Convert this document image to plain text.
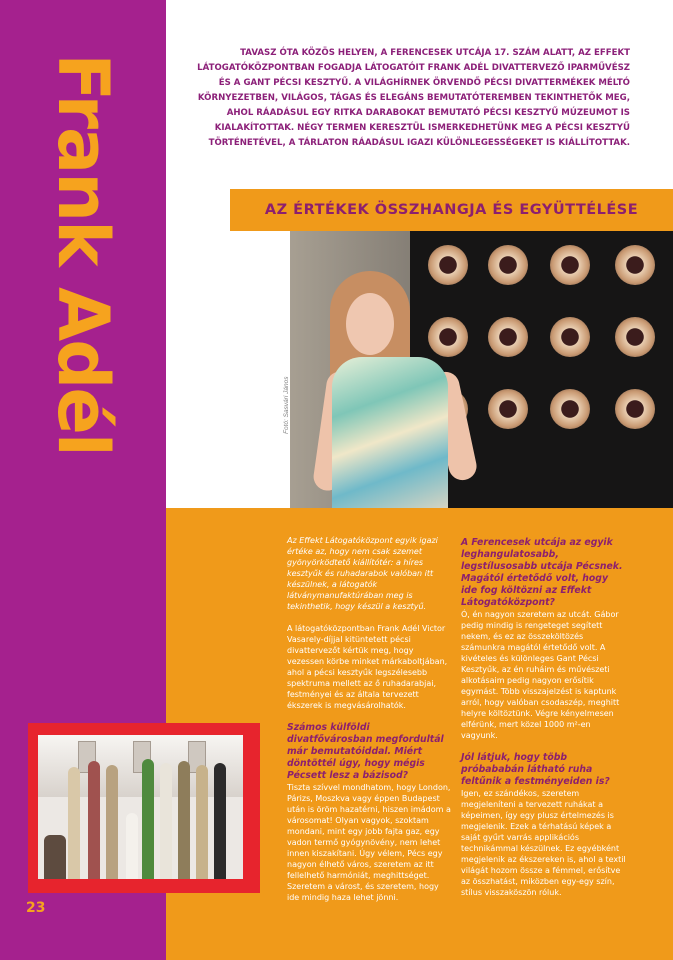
Frank Adél
TAVASZ ÓTA KÖZÖS HELYEN, A FERENCESEK UTCÁJA 17. SZÁM ALATT, AZ EFFEKT LÁTOGATÓKÖZPONTBAN FOGADJA LÁTOGATÓIT FRANK ADÉL DIVATTERVEZŐ IPARMŰVÉSZ ÉS A GANT PÉCSI KESZTYŰ. A VILÁGHÍRNEK ÖRVENDŐ PÉCSI DIVATTERMÉKEK MÉLTÓ KÖRNYEZETBEN, VILÁGOS, TÁGAS ÉS ELEGÁNS BEMUTATÓTEREMBEN TEKINTHETŐK MEG, AHOL RÁADÁSUL EGY RITKA DARABOKAT BEMUTATÓ PÉCSI KESZTYŰ MÚZEUMOT IS KIALAKÍTOTTAK. NÉGY TERMEN KERESZTÜL ISMERKEDHETÜNK MEG A PÉCSI KESZTYŰ TÖRTÉNETÉVEL, A TÁRLATON RÁADÁSUL IGAZI KÜLÖNLEGESSÉGEKET IS KIÁLLÍTOTTAK.
AZ ÉRTÉKEK ÖSSZHANGJA ÉS EGYÜTTÉLÉSE
Fotó: Sasvári János

Az Effekt Látogatóközpont egyik igazi értéke az, hogy nem csak szemet gyönyörködtető kiállítótér: a híres kesztyűk és ruhadarabok valóban itt készülnek, a látogatók látványmanufaktúrában meg is tekinthetik, hogy készül a kesztyű.

A látogatóközpontban Frank Adél Victor Vasarely-díjjal kitüntetett pécsi divattervezőt kértük meg, hogy vezessen körbe minket márkaboltjában, ahol a pécsi kesztyűk legszélesebb spektruma mellett az ő ruhadarabjai, festményei és az általa tervezett ékszerek is megvásárolhatók.

Számos külföldi divatfővárosban megfordultál már bemutatóiddal. Miért döntöttél úgy, hogy mégis Pécsett lesz a bázisod?

Tiszta szívvel mondhatom, hogy London, Párizs, Moszkva vagy éppen Budapest után is öröm hazatérni, hiszen imádom a városomat! Olyan vagyok, szoktam mondani, mint egy jobb fajta gaz, egy vadon termő gyógynövény, nem lehet innen kiszakítani. Úgy vélem, Pécs egy nagyon élhető város, szeretem az itt fellelhető harmóniát, meghittséget. Szeretem a várost, és szeretem, hogy ide mindig haza lehet jönni.

A Ferencesek utcája az egyik leghangulatosabb, legstílusosabb utcája Pécsnek. Magától értetődő volt, hogy ide fog költözni az Effekt Látogatóközpont?

Ó, én nagyon szeretem az utcát. Gábor pedig mindig is rengeteget segített nekem, és ez az összeköltözés számunkra magától értetődő volt. A kivételes és különleges Gant Pécsi Kesztyűk, az én ruháim és művészeti alkotásaim pedig nagyon erősítik egymást. Több visszajelzést is kaptunk arról, hogy valóban csodaszép, meghitt helyre költöztünk. Végre kényelmesen elférünk, mert közel 1000 m²-en vagyunk.

Jól látjuk, hogy több próbababán látható ruha feltűnik a festményeiden is?

Igen, ez szándékos, szeretem megjeleníteni a tervezett ruhákat a képeimen, így egy plusz értelmezés is megjelenik. Ezek a térhatású képek a saját gyűrt varrás applikációs technikámmal készülnek. Ez egyébként megjelenik az ékszereken is, ahol a textil világát hozom össze a fémmel, erősítve az összhatást, miközben egy-egy szín, stílus visszaköszön róluk.

23
